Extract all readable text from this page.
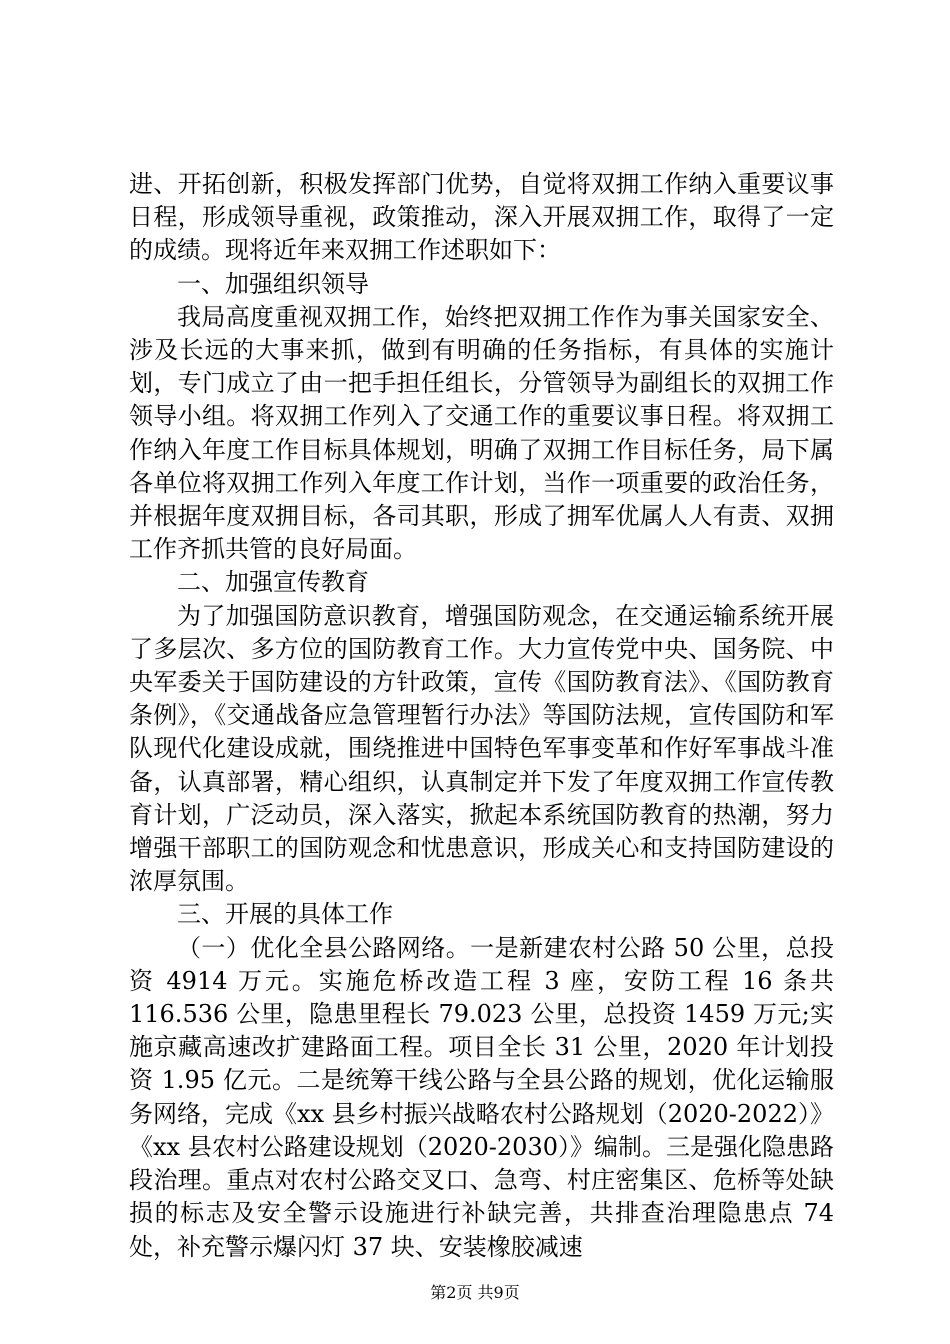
进、开拓创新，积极发挥部门优势，自觉将双拥工作纳入重要议事日程，形成领导重视，政策推动，深入开展双拥工作，取得了一定的成绩。现将近年来双拥工作述职如下：

一、加强组织领导

我局高度重视双拥工作，始终把双拥工作作为事关国家安全、涉及长远的大事来抓，做到有明确的任务指标，有具体的实施计划，专门成立了由一把手担任组长，分管领导为副组长的双拥工作领导小组。将双拥工作列入了交通工作的重要议事日程。将双拥工作纳入年度工作目标具体规划，明确了双拥工作目标任务，局下属各单位将双拥工作列入年度工作计划，当作一项重要的政治任务，并根据年度双拥目标，各司其职，形成了拥军优属人人有责、双拥工作齐抓共管的良好局面。

二、加强宣传教育

为了加强国防意识教育，增强国防观念，在交通运输系统开展了多层次、多方位的国防教育工作。大力宣传党中央、国务院、中央军委关于国防建设的方针政策，宣传《国防教育法》、《国防教育条例》，《交通战备应急管理暂行办法》等国防法规，宣传国防和军队现代化建设成就，围绕推进中国特色军事变革和作好军事战斗准备，认真部署，精心组织，认真制定并下发了年度双拥工作宣传教育计划，广泛动员，深入落实，掀起本系统国防教育的热潮，努力增强干部职工的国防观念和忧患意识，形成关心和支持国防建设的浓厚氛围。

三、开展的具体工作

（一）优化全县公路网络。一是新建农村公路 50 公里，总投资 4914 万元。实施危桥改造工程 3 座，安防工程 16 条共116.536 公里，隐患里程长 79.023 公里，总投资 1459 万元;实施京藏高速改扩建路面工程。项目全长 31 公里，2020 年计划投资 1.95 亿元。二是统筹干线公路与全县公路的规划，优化运输服务网络，完成《xx 县乡村振兴战略农村公路规划（2020-2022）》《xx 县农村公路建设规划（2020-2030）》编制。三是强化隐患路段治理。重点对农村公路交叉口、急弯、村庄密集区、危桥等处缺损的标志及安全警示设施进行补缺完善，共排查治理隐患点 74 处，补充警示爆闪灯 37 块、安装橡胶减速

第2页 共9页
